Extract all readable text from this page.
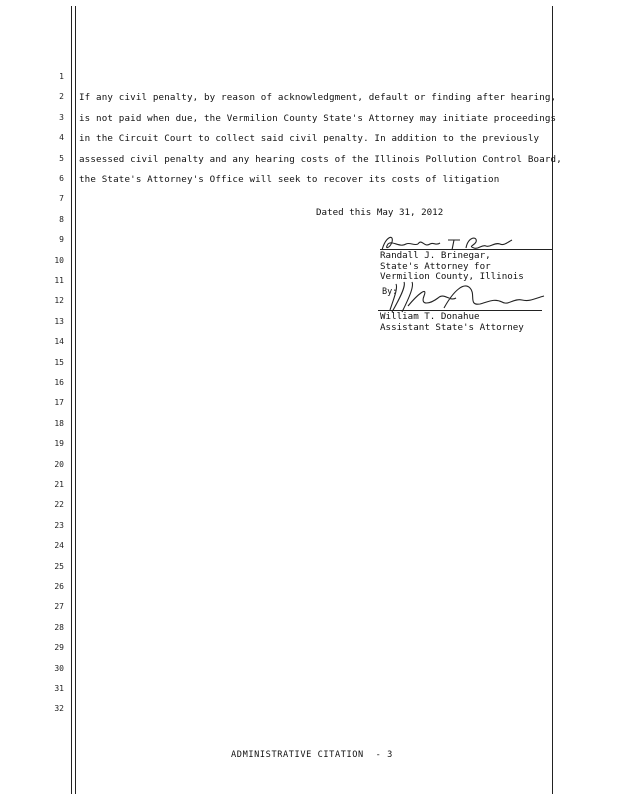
1
2
3
4
5
6
7
8
9
10
11
12
13
14
15
16
17
18
19
20
21
22
23
24
25
26
27
28
29
30
31
32
If any civil penalty, by reason of acknowledgment, default or finding after hearing,
is not paid when due, the Vermilion County State's Attorney may initiate proceedings
in the Circuit Court to collect said civil penalty. In addition to the previously
assessed civil penalty and any hearing costs of the Illinois Pollution Control Board,
the State's Attorney's Office will seek to recover its costs of litigation
Dated this May 31, 2012
Randall J. Brinegar,
State's Attorney for
Vermilion County, Illinois
By:
William T. Donahue
Assistant State's Attorney
ADMINISTRATIVE CITATION - 3
